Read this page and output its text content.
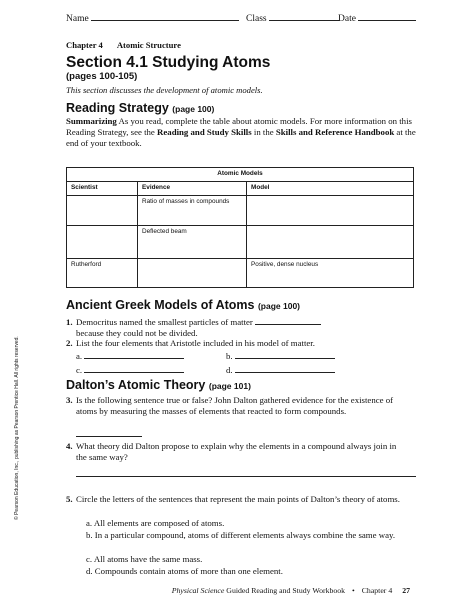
Name	Class	Date
Chapter 4 Atomic Structure
Section 4.1 Studying Atoms
(pages 100-105)
This section discusses the development of atomic models.
Reading Strategy (page 100)
Summarizing As you read, complete the table about atomic models. For more information on this Reading Strategy, see the Reading and Study Skills in the Skills and Reference Handbook at the end of your textbook.
Atomic Models		
Scientist	Evidence	Model
	Ratio of masses in compounds	
	Deflected beam	
Rutherford		Positive, dense nucleus
Ancient Greek Models of Atoms (page 100)
1. Democritus named the smallest particles of matter
because they could not be divided.
2. List the four elements that Aristotle included in his model of matter.
a.	b.
c.	d.
Dalton’s Atomic Theory (page 101)
3. Is the following sentence true or false? John Dalton gathered evidence for the existence of atoms by measuring the masses of elements that reacted to form compounds.
4. What theory did Dalton propose to explain why the elements in a compound always join in the same way?
5. Circle the letters of the sentences that represent the main points of Dalton’s theory of atoms.
a. All elements are composed of atoms.
b. In a particular compound, atoms of different elements always combine the same way.
c. All atoms have the same mass.
d. Compounds contain atoms of more than one element.
© Pearson Education, Inc., publishing as Pearson Prentice Hall. All rights reserved.
Physical Science Guided Reading and Study Workbook • Chapter 4 27
